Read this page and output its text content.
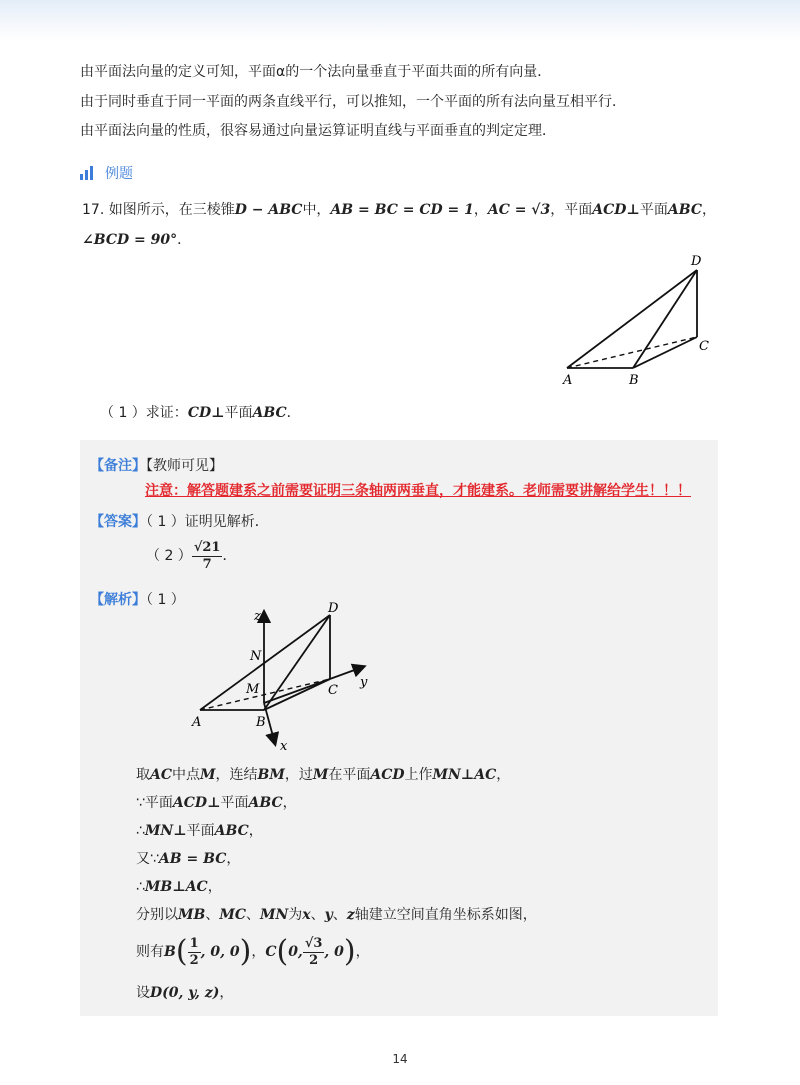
由平面法向量的定义可知，平面α的一个法向量垂直于平面共面的所有向量．
由于同时垂直于同一平面的两条直线平行，可以推知，一个平面的所有法向量互相平行．
由平面法向量的性质，很容易通过向量运算证明直线与平面垂直的判定定理．
例题
17. 如图所示，在三棱锥D − ABC中，AB = BC = CD = 1，AC = √3，平面ACD⊥平面ABC，
∠BCD = 90°．
D
C
A	B
（ 1 ）求证：CD⊥平面ABC．
【备注】【教师可见】
注意：解答题建系之前需要证明三条轴两两垂直，才能建系。老师需要讲解给学生！！！
【答案】（ 1 ）证明见解析．
（ 2 ） $\frac{√21}{7}$ ．
【解析】（ 1 ）
z
D
N
M	C
y
A	B
x
取AC中点M，连结BM，过M在平面ACD上作MN⊥AC，
∵平面ACD⊥平面ABC，
∴MN⊥平面ABC，
又∵AB = BC，
∴MB⊥AC，
分别以MB、MC、MN为x、y、z轴建立空间直角坐标系如图，
则有$B( \frac{1}{2}$ , 0, 0)，C(0, $\frac{√3}{2}$ , 0)，
设D(0, y, z)，
14
